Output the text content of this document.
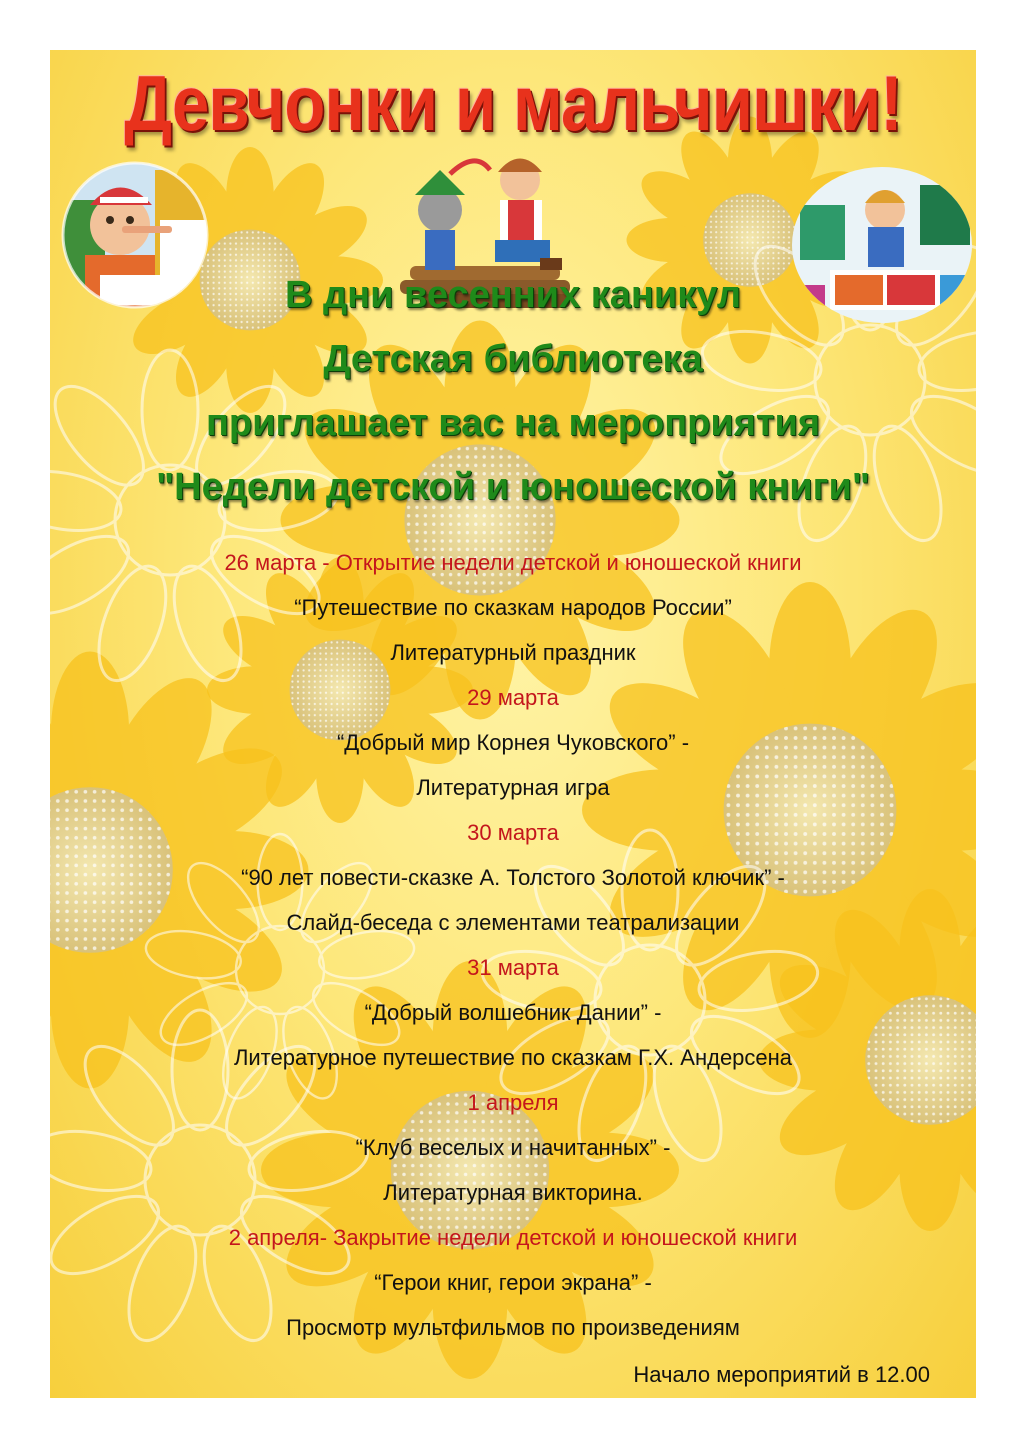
Девчонки и мальчишки!
В дни весенних каникул
Детская библиотека
приглашает вас на мероприятия
"Недели детской и юношеской книги"
26 марта - Открытие недели детской и юношеской книги
“Путешествие по сказкам народов России”
Литературный праздник
29 марта
“Добрый мир Корнея Чуковского” -
Литературная игра
30 марта
“90 лет повести-сказке А. Толстого Золотой ключик” -
Слайд-беседа с элементами театрализации
31 марта
“Добрый волшебник Дании” -
Литературное путешествие по сказкам Г.Х. Андерсена
1 апреля
“Клуб веселых и начитанных” -
Литературная викторина.
2 апреля- Закрытие недели детской и юношеской книги
“Герои книг, герои экрана” -
Просмотр мультфильмов по произведениям
Начало мероприятий в 12.00
